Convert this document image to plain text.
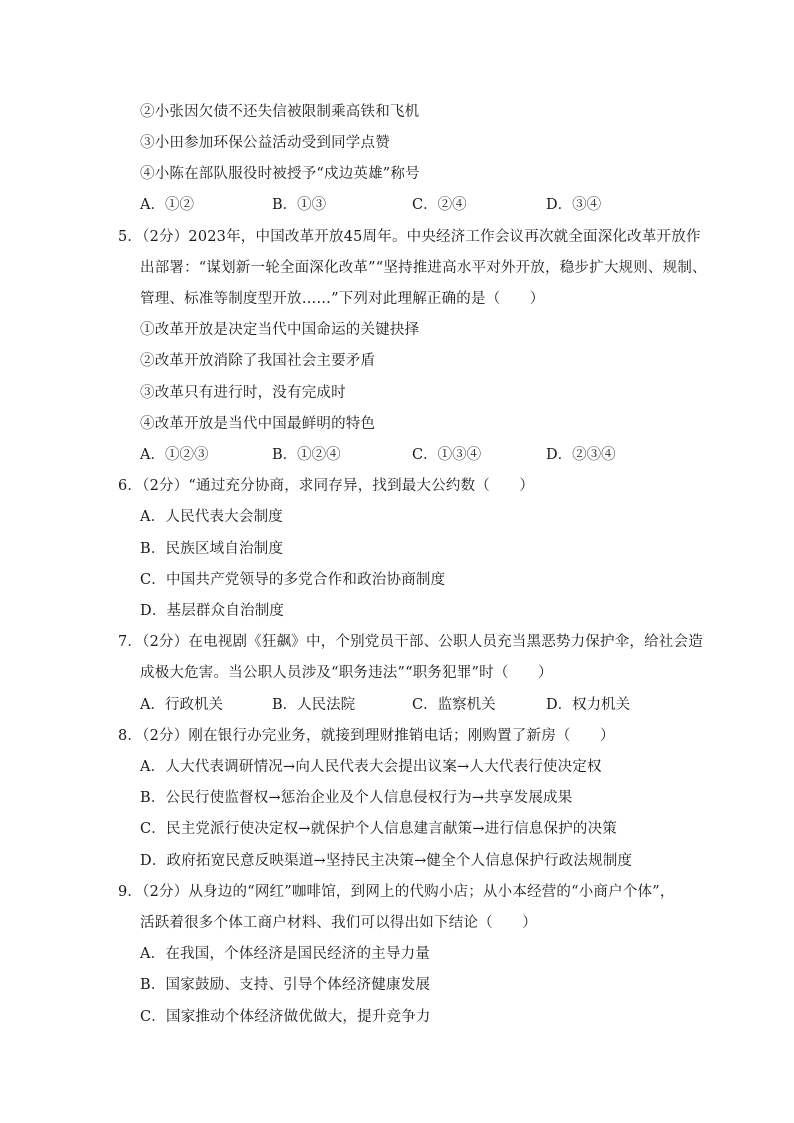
②小张因欠债不还失信被限制乘高铁和飞机
③小田参加环保公益活动受到同学点赞
④小陈在部队服役时被授予“戍边英雄”称号
A．①②	B．①③	C．②④	D．③④
5．（2分）2023年，中国改革开放45周年。中央经济工作会议再次就全面深化改革开放作
出部署：“谋划新一轮全面深化改革”“坚持推进高水平对外开放，稳步扩大规则、规制、
管理、标准等制度型开放……”下列对此理解正确的是（　　）
①改革开放是决定当代中国命运的关键抉择
②改革开放消除了我国社会主要矛盾
③改革只有进行时，没有完成时
④改革开放是当代中国最鲜明的特色
A．①②③	B．①②④	C．①③④	D．②③④
6．（2分）“通过充分协商，求同存异，找到最大公约数（　　）
A．人民代表大会制度
B．民族区域自治制度
C．中国共产党领导的多党合作和政治协商制度
D．基层群众自治制度
7．（2分）在电视剧《狂飙》中，个别党员干部、公职人员充当黑恶势力保护伞，给社会造
成极大危害。当公职人员涉及“职务违法”“职务犯罪”时（　　）
A．行政机关	B．人民法院	C．监察机关	D．权力机关
8．（2分）刚在银行办完业务，就接到理财推销电话；刚购置了新房（　　）
A．人大代表调研情况→向人民代表大会提出议案→人大代表行使决定权
B．公民行使监督权→惩治企业及个人信息侵权行为→共享发展成果
C．民主党派行使决定权→就保护个人信息建言献策→进行信息保护的决策
D．政府拓宽民意反映渠道→坚持民主决策→健全个人信息保护行政法规制度
9．（2分）从身边的“网红”咖啡馆，到网上的代购小店；从小本经营的“小商户个体”，
活跃着很多个体工商户材料、我们可以得出如下结论（　　）
A．在我国，个体经济是国民经济的主导力量
B．国家鼓励、支持、引导个体经济健康发展
C．国家推动个体经济做优做大，提升竞争力
